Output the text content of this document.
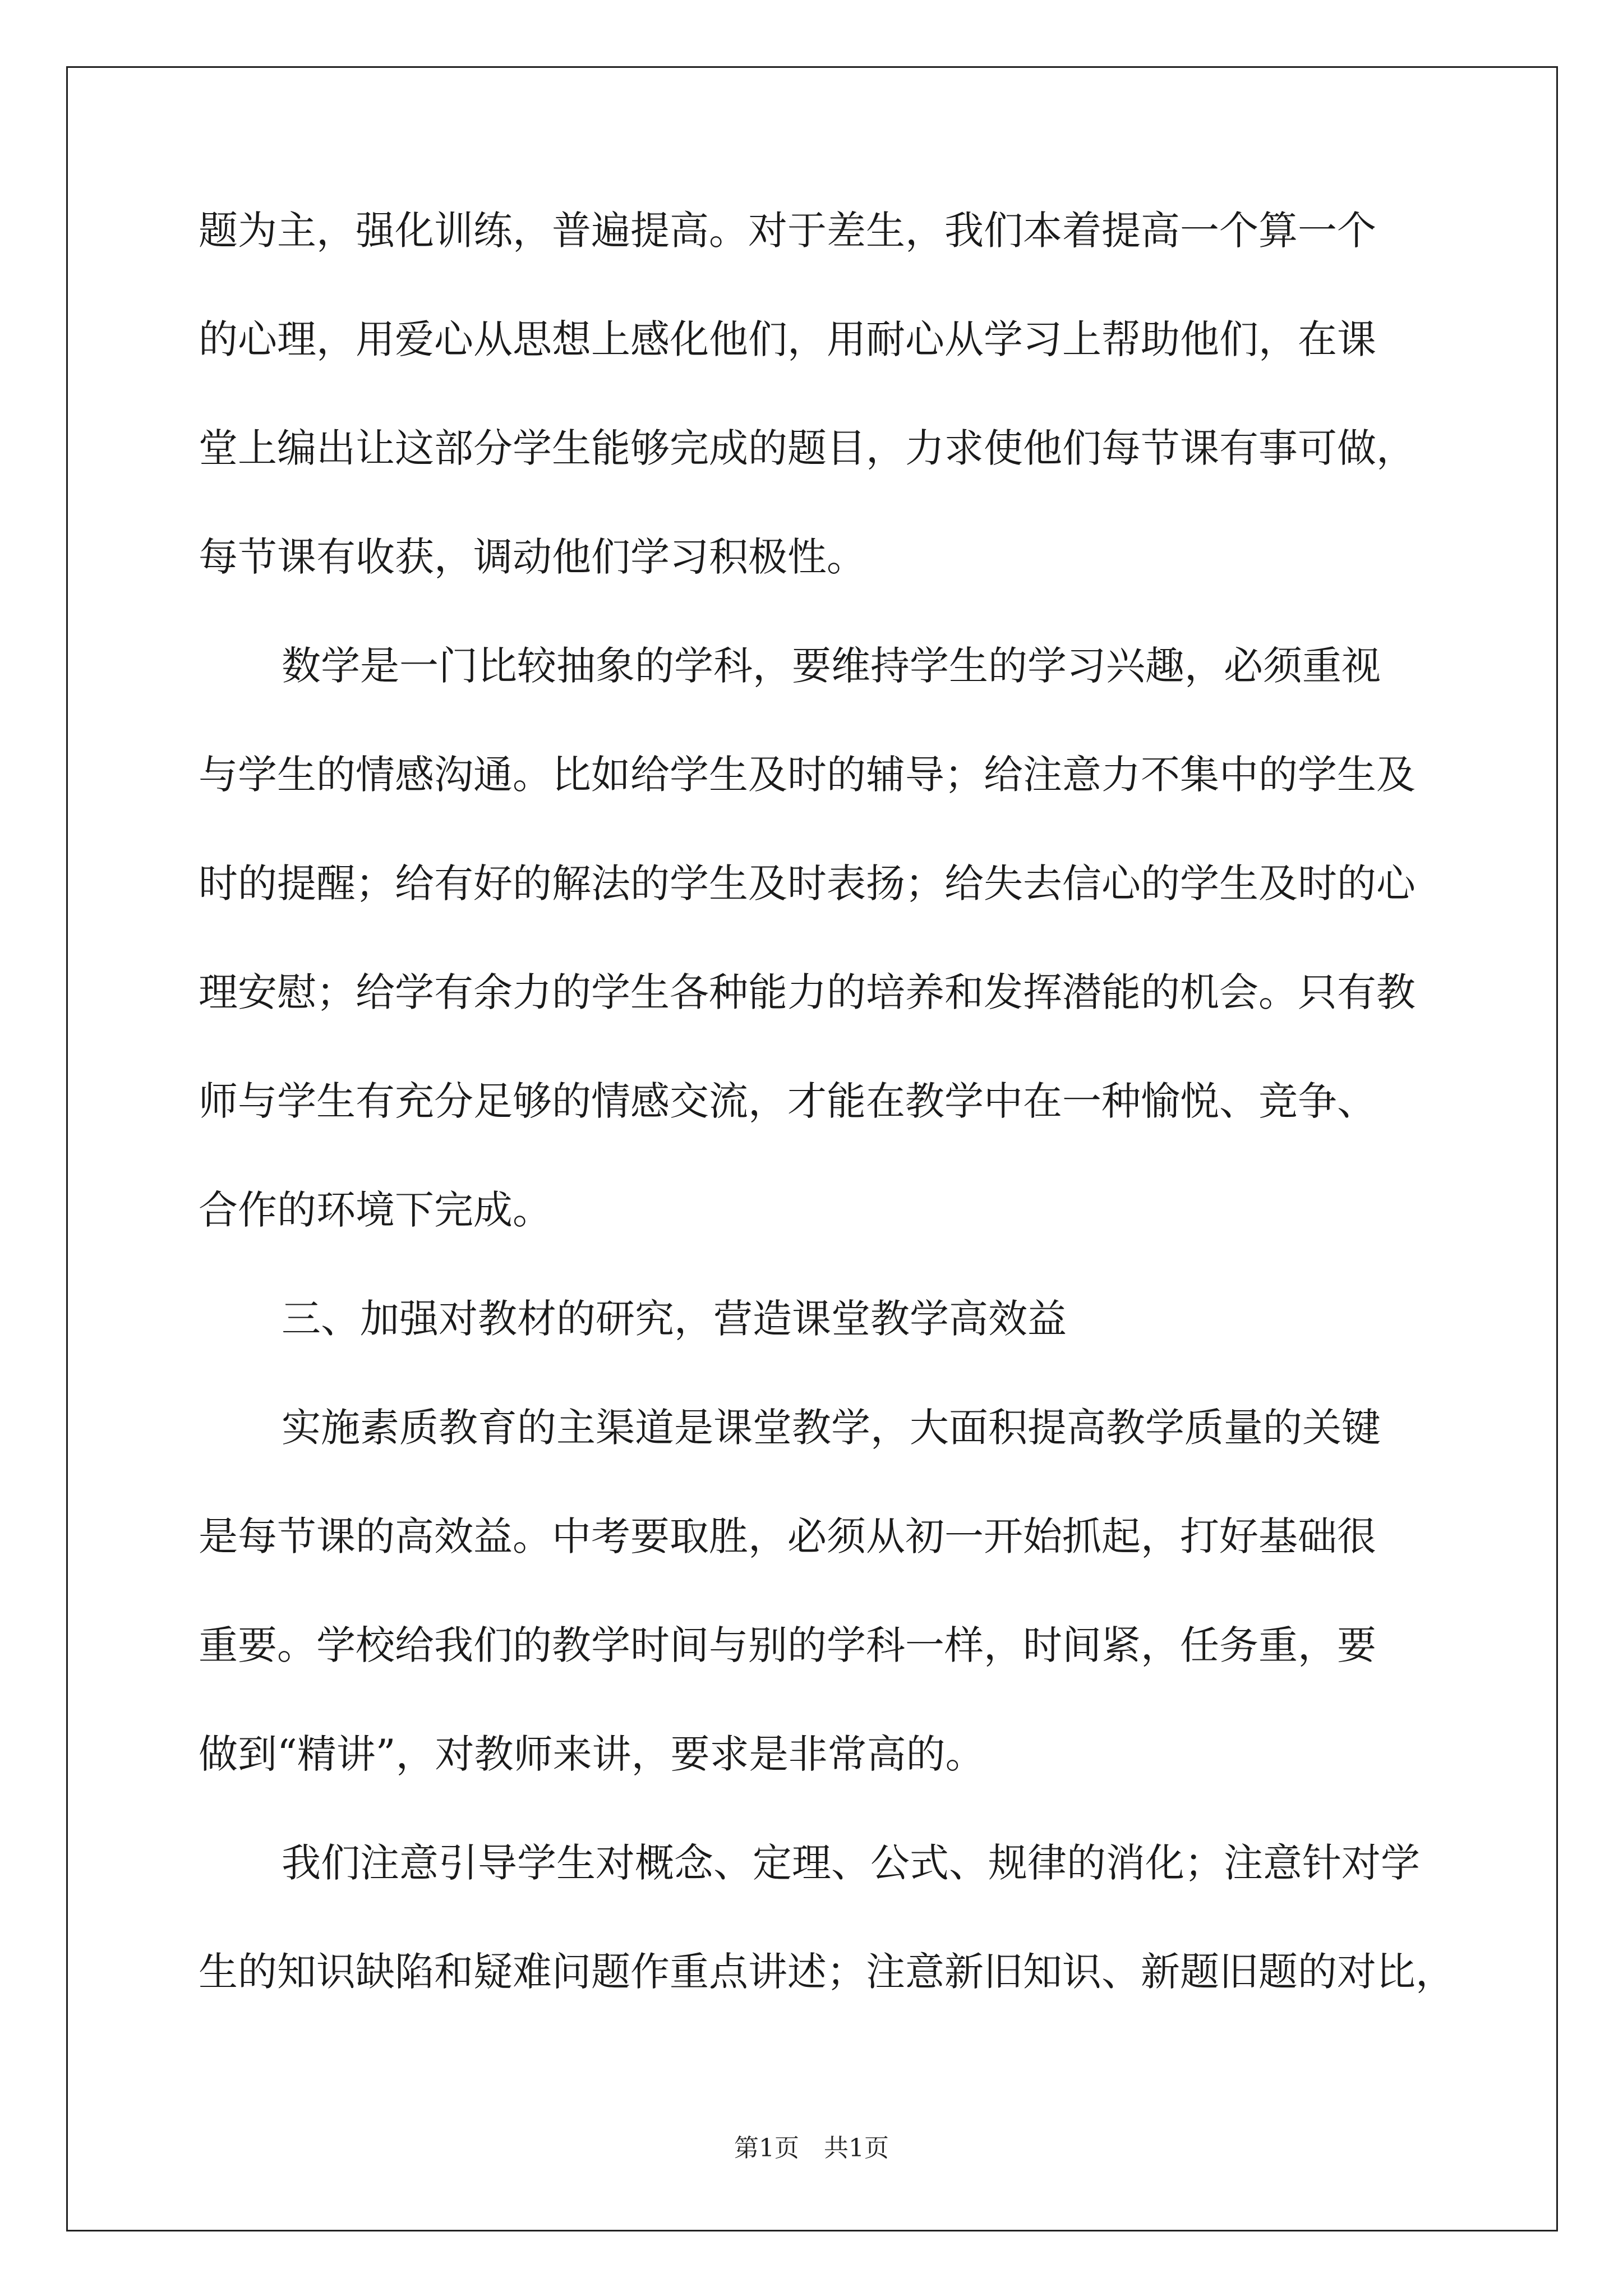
题为主，强化训练，普遍提高。对于差生，我们本着提高一个算一个
的心理，用爱心从思想上感化他们，用耐心从学习上帮助他们，在课
堂上编出让这部分学生能够完成的题目，力求使他们每节课有事可做，
每节课有收获，调动他们学习积极性。
数学是一门比较抽象的学科，要维持学生的学习兴趣，必须重视
与学生的情感沟通。比如给学生及时的辅导；给注意力不集中的学生及
时的提醒；给有好的解法的学生及时表扬；给失去信心的学生及时的心
理安慰；给学有余力的学生各种能力的培养和发挥潜能的机会。只有教
师与学生有充分足够的情感交流，才能在教学中在一种愉悦、竞争、
合作的环境下完成。
三、加强对教材的研究，营造课堂教学高效益
实施素质教育的主渠道是课堂教学，大面积提高教学质量的关键
是每节课的高效益。中考要取胜，必须从初一开始抓起，打好基础很
重要。学校给我们的教学时间与别的学科一样，时间紧，任务重，要
做到“精讲”，对教师来讲，要求是非常高的。
我们注意引导学生对概念、定理、公式、规律的消化；注意针对学
生的知识缺陷和疑难问题作重点讲述；注意新旧知识、新题旧题的对比，
第1页　共1页
